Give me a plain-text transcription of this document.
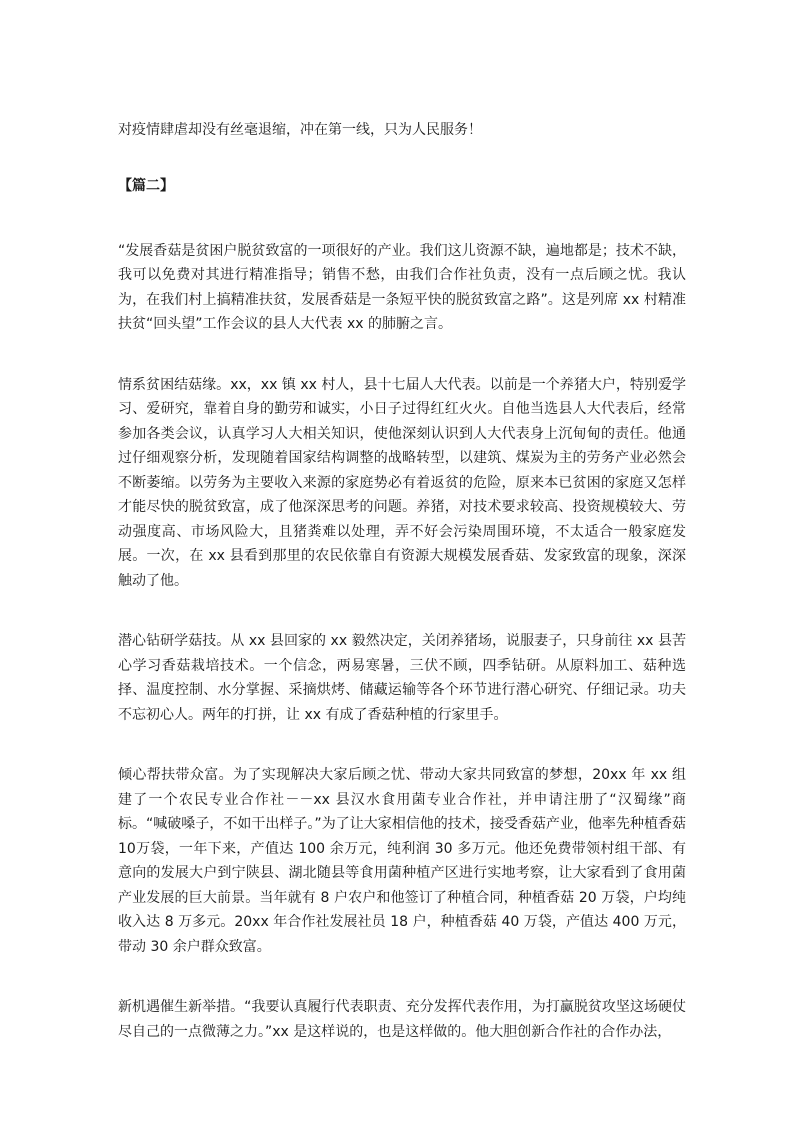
对疫情肆虐却没有丝毫退缩，冲在第一线，只为人民服务！

【篇二】

“发展香菇是贫困户脱贫致富的一项很好的产业。我们这儿资源不缺，遍地都是；技术不缺，我可以免费对其进行精准指导；销售不愁，由我们合作社负责，没有一点后顾之忧。我认为，在我们村上搞精准扶贫，发展香菇是一条短平快的脱贫致富之路”。这是列席 xx 村精准扶贫“回头望”工作会议的县人大代表 xx 的肺腑之言。

情系贫困结菇缘。xx，xx 镇 xx 村人，县十七届人大代表。以前是一个养猪大户，特别爱学习、爱研究，靠着自身的勤劳和诚实，小日子过得红红火火。自他当选县人大代表后，经常参加各类会议，认真学习人大相关知识，使他深刻认识到人大代表身上沉甸甸的责任。他通过仔细观察分析，发现随着国家结构调整的战略转型，以建筑、煤炭为主的劳务产业必然会不断萎缩。以劳务为主要收入来源的家庭势必有着返贫的危险，原来本已贫困的家庭又怎样才能尽快的脱贫致富，成了他深深思考的问题。养猪，对技术要求较高、投资规模较大、劳动强度高、市场风险大，且猪粪难以处理，弄不好会污染周围环境，不太适合一般家庭发展。一次，在 xx 县看到那里的农民依靠自有资源大规模发展香菇、发家致富的现象，深深触动了他。

潜心钻研学菇技。从 xx 县回家的 xx 毅然决定，关闭养猪场，说服妻子，只身前往 xx 县苦心学习香菇栽培技术。一个信念，两易寒暑，三伏不顾，四季钻研。从原料加工、菇种选择、温度控制、水分掌握、采摘烘烤、储藏运输等各个环节进行潜心研究、仔细记录。功夫不忘初心人。两年的打拼，让 xx 有成了香菇种植的行家里手。

倾心帮扶带众富。为了实现解决大家后顾之忧、带动大家共同致富的梦想，20xx 年 xx 组建了一个农民专业合作社－－xx 县汉水食用菌专业合作社，并申请注册了“汉蜀缘”商标。“喊破嗓子，不如干出样子。”为了让大家相信他的技术，接受香菇产业，他率先种植香菇 10万袋，一年下来，产值达 100 余万元，纯利润 30 多万元。他还免费带领村组干部、有意向的发展大户到宁陕县、湖北随县等食用菌种植产区进行实地考察，让大家看到了食用菌产业发展的巨大前景。当年就有 8 户农户和他签订了种植合同，种植香菇 20 万袋，户均纯收入达 8 万多元。20xx 年合作社发展社员 18 户，种植香菇 40 万袋，产值达 400 万元，带动 30 余户群众致富。

新机遇催生新举措。“我要认真履行代表职责、充分发挥代表作用，为打赢脱贫攻坚这场硬仗尽自己的一点微薄之力。”xx 是这样说的，也是这样做的。他大胆创新合作社的合作办法，
